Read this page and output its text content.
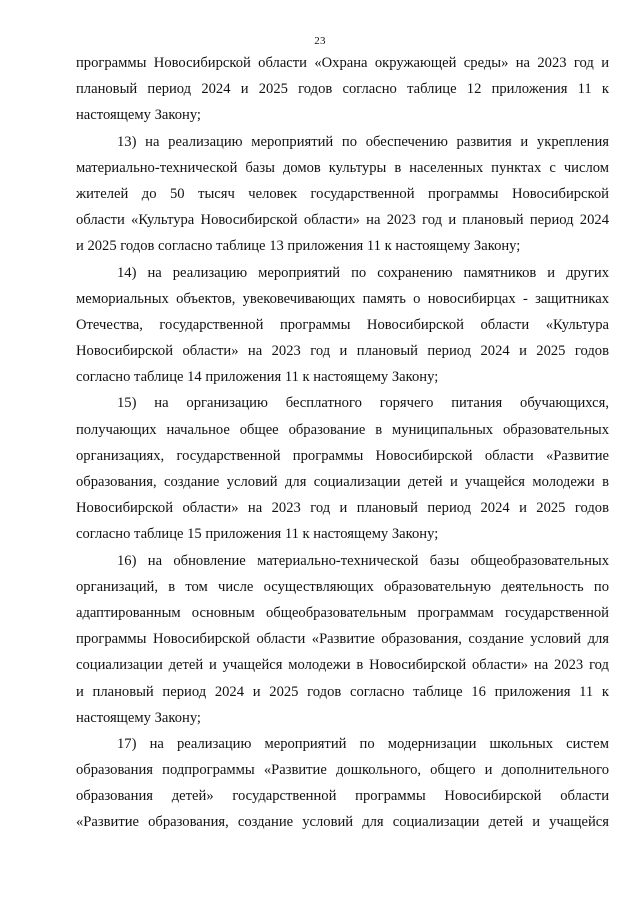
23
программы Новосибирской области «Охрана окружающей среды» на 2023 год и
плановый период 2024 и 2025 годов согласно таблице 12 приложения 11 к
настоящему Закону;
13) на реализацию мероприятий по обеспечению развития и укрепления
материально-технической базы домов культуры в населенных пунктах с числом
жителей до 50 тысяч человек государственной программы Новосибирской
области «Культура Новосибирской области» на 2023 год и плановый период 2024
и 2025 годов согласно таблице 13 приложения 11 к настоящему Закону;
14) на реализацию мероприятий по сохранению памятников и других
мемориальных объектов, увековечивающих память о новосибирцах - защитниках
Отечества, государственной программы Новосибирской области «Культура
Новосибирской области» на 2023 год и плановый период 2024 и 2025 годов
согласно таблице 14 приложения 11 к настоящему Закону;
15) на организацию бесплатного горячего питания обучающихся,
получающих начальное общее образование в муниципальных образовательных
организациях, государственной программы Новосибирской области «Развитие
образования, создание условий для социализации детей и учащейся молодежи в
Новосибирской области» на 2023 год и плановый период 2024 и 2025 годов
согласно таблице 15 приложения 11 к настоящему Закону;
16) на обновление материально-технической базы общеобразовательных
организаций, в том числе осуществляющих образовательную деятельность по
адаптированным основным общеобразовательным программам государственной
программы Новосибирской области «Развитие образования, создание условий для
социализации детей и учащейся молодежи в Новосибирской области» на 2023 год
и плановый период 2024 и 2025 годов согласно таблице 16 приложения 11 к
настоящему Закону;
17) на реализацию мероприятий по модернизации школьных систем
образования подпрограммы «Развитие дошкольного, общего и дополнительного
образования детей» государственной программы Новосибирской области
«Развитие образования, создание условий для социализации детей и учащейся
